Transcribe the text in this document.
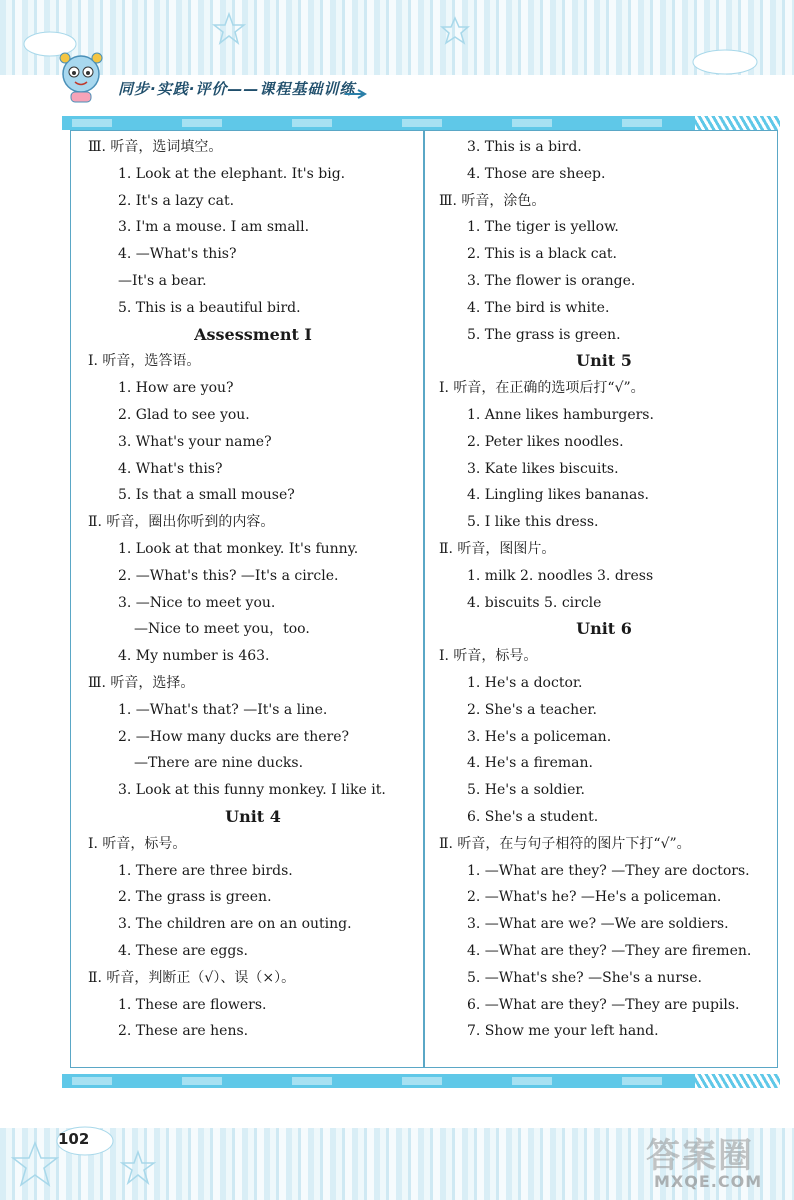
同步·实践·评价——课程基础训练
Ⅲ. 听音，选词填空。
1. Look at the elephant. It's big.
2. It's a lazy cat.
3. I'm a mouse. I am small.
4. —What's this?
—It's a bear.
5. This is a beautiful bird.
Assessment Ⅰ
Ⅰ. 听音，选答语。
1. How are you?
2. Glad to see you.
3. What's your name?
4. What's this?
5. Is that a small mouse?
Ⅱ. 听音，圈出你听到的内容。
1. Look at that monkey. It's funny.
2. —What's this? —It's a circle.
3. —Nice to meet you.
—Nice to meet you，too.
4. My number is 463.
Ⅲ. 听音，选择。
1. —What's that? —It's a line.
2. —How many ducks are there?
—There are nine ducks.
3. Look at this funny monkey. I like it.
Unit 4
Ⅰ. 听音，标号。
1. There are three birds.
2. The grass is green.
3. The children are on an outing.
4. These are eggs.
Ⅱ. 听音，判断正（√）、误（×）。
1. These are flowers.
2. These are hens.
3. This is a bird.
4. Those are sheep.
Ⅲ. 听音，涂色。
1. The tiger is yellow.
2. This is a black cat.
3. The flower is orange.
4. The bird is white.
5. The grass is green.
Unit 5
Ⅰ. 听音，在正确的选项后打“√”。
1. Anne likes hamburgers.
2. Peter likes noodles.
3. Kate likes biscuits.
4. Lingling likes bananas.
5. I like this dress.
Ⅱ. 听音，图图片。
1. milk 2. noodles 3. dress
4. biscuits 5. circle
Unit 6
Ⅰ. 听音，标号。
1. He's a doctor.
2. She's a teacher.
3. He's a policeman.
4. He's a fireman.
5. He's a soldier.
6. She's a student.
Ⅱ. 听音，在与句子相符的图片下打“√”。
1. —What are they? —They are doctors.
2. —What's he? —He's a policeman.
3. —What are we? —We are soldiers.
4. —What are they? —They are firemen.
5. —What's she? —She's a nurse.
6. —What are they? —They are pupils.
7. Show me your left hand.
102	答案圈
MXQE.COM
